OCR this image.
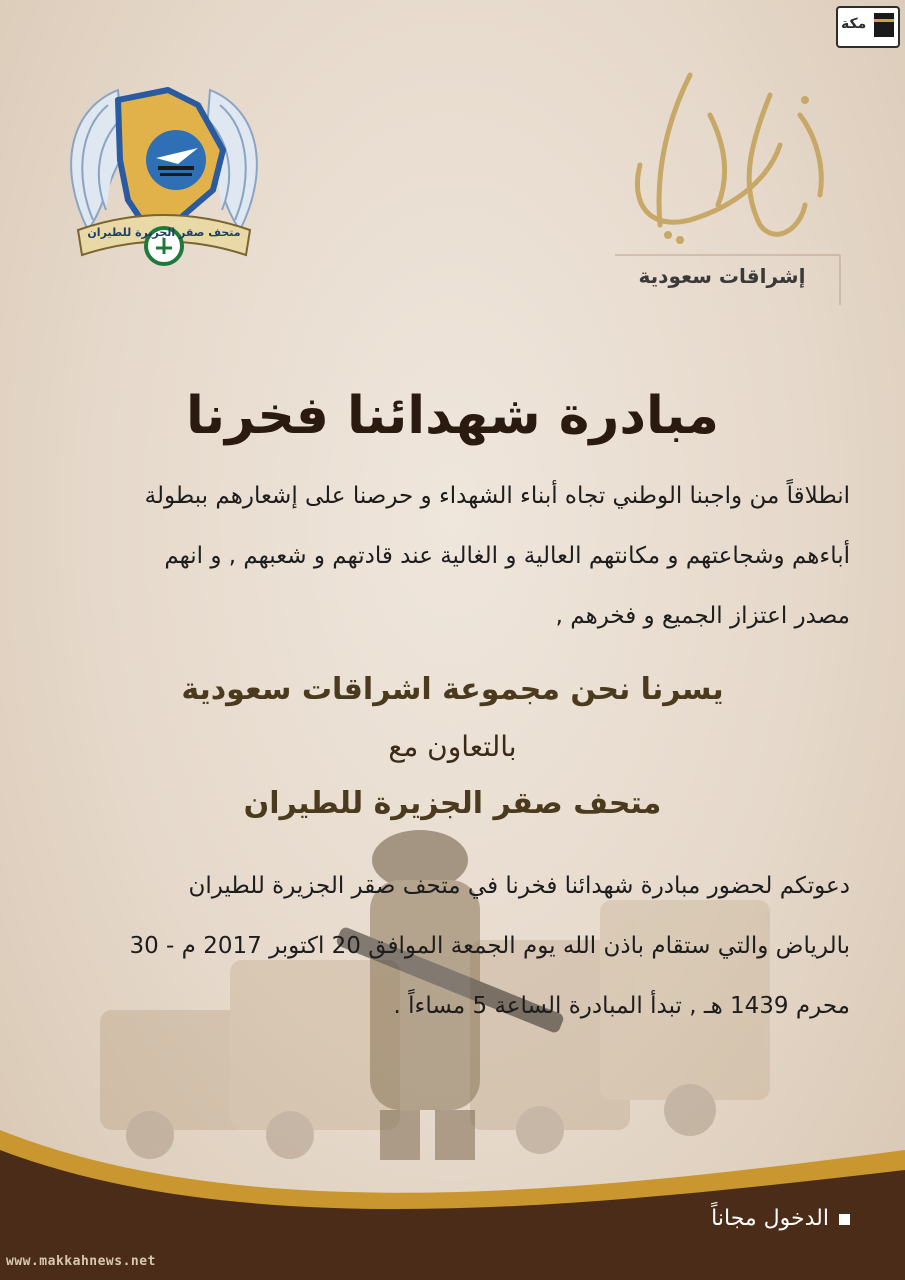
متحف صقر الجزيرة للطيران
إشراقات سعودية
مكة
مبادرة شهدائنا فخرنا
انطلاقاً من واجبنا الوطني تجاه أبناء الشهداء و حرصنا على إشعارهم ببطولة
أباءهم وشجاعتهم و مكانتهم العالية و الغالية عند قادتهم و شعبهم , و انهم
مصدر اعتزاز الجميع و فخرهم ,
يسرنا نحن مجموعة اشراقات سعودية
بالتعاون مع
متحف صقر الجزيرة للطيران
دعوتكم لحضور مبادرة شهدائنا فخرنا في متحف صقر الجزيرة للطيران
بالرياض والتي ستقام باذن الله يوم الجمعة الموافق 20 اكتوبر 2017 م - 30
محرم 1439 هـ , تبدأ المبادرة الساعة 5 مساءاً .
الدخول مجاناً
www.makkahnews.net
